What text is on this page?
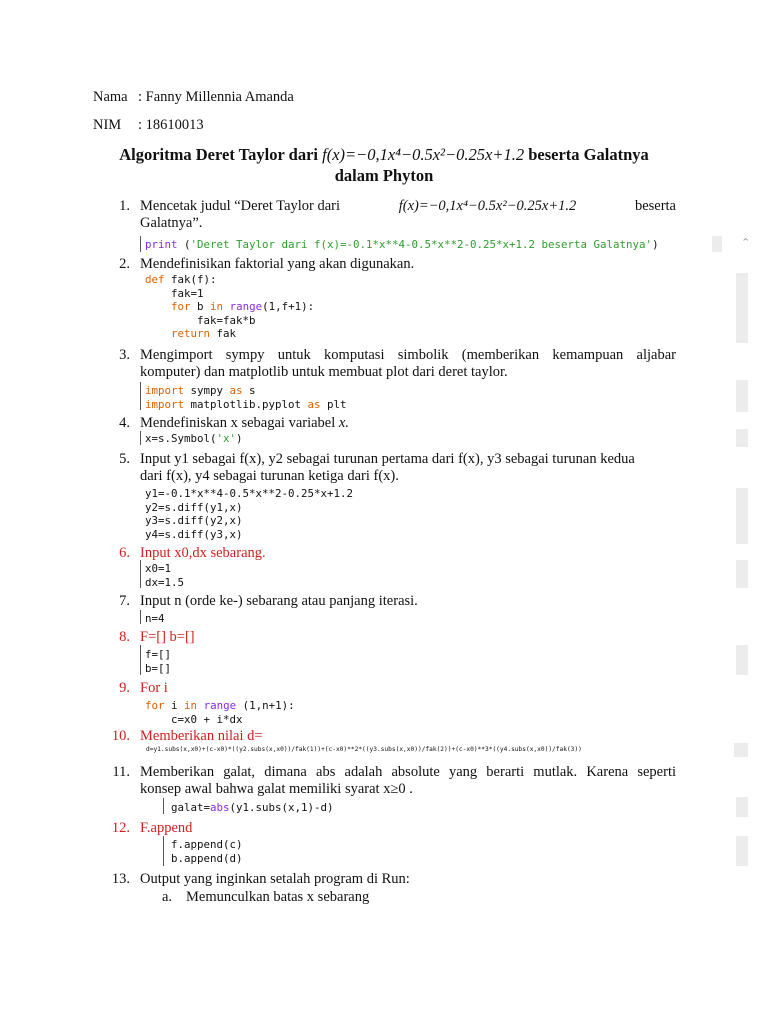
Nama : Fanny Millennia Amanda
NIM : 18610013
Algoritma Deret Taylor dari f(x)=−0,1x⁴−0.5x²−0.25x+1.2 beserta Galatnya
dalam Phyton
1. Mencetak judul “Deret Taylor dari	f(x)=−0,1x⁴−0.5x²−0.25x+1.2	beserta
Galatnya”.
print ('Deret Taylor dari f(x)=-0.1*x**4-0.5*x**2-0.25*x+1.2 beserta Galatnya')	⌃
2. Mendefinisikan faktorial yang akan digunakan.
def fak(f):
fak=1
for b in range(1,f+1):
fak=fak*b
return fak
3. Mengimport sympy untuk komputasi simbolik (memberikan kemampuan aljabar
komputer) dan matplotlib untuk membuat plot dari deret taylor.
import sympy as s
import matplotlib.pyplot as plt
4. Mendefiniskan x sebagai variabel x.
x=s.Symbol('x')
5. Input y1 sebagai f(x), y2 sebagai turunan pertama dari f(x), y3 sebagai turunan kedua
dari f(x), y4 sebagai turunan ketiga dari f(x).
y1=-0.1*x**4-0.5*x**2-0.25*x+1.2
y2=s.diff(y1,x)
y3=s.diff(y2,x)
y4=s.diff(y3,x)
6. Input x0,dx sebarang.
x0=1
dx=1.5
7. Input n (orde ke-) sebarang atau panjang iterasi.
n=4
8. F=[] b=[]
f=[]
b=[]
9. For i
for i in range (1,n+1):
c=x0 + i*dx
10. Memberikan nilai d=
d=y1.subs(x,x0)+(c-x0)*((y2.subs(x,x0))/fak(1))+(c-x0)**2*((y3.subs(x,x0))/fak(2))+(c-x0)**3*((y4.subs(x,x0))/fak(3))
11. Memberikan galat, dimana abs adalah absolute yang berarti mutlak. Karena seperti
konsep awal bahwa galat memiliki syarat x≥0 .
galat=abs(y1.subs(x,1)-d)
12. F.append
f.append(c)
b.append(d)
13. Output yang inginkan setalah program di Run:
a. Memunculkan batas x sebarang
